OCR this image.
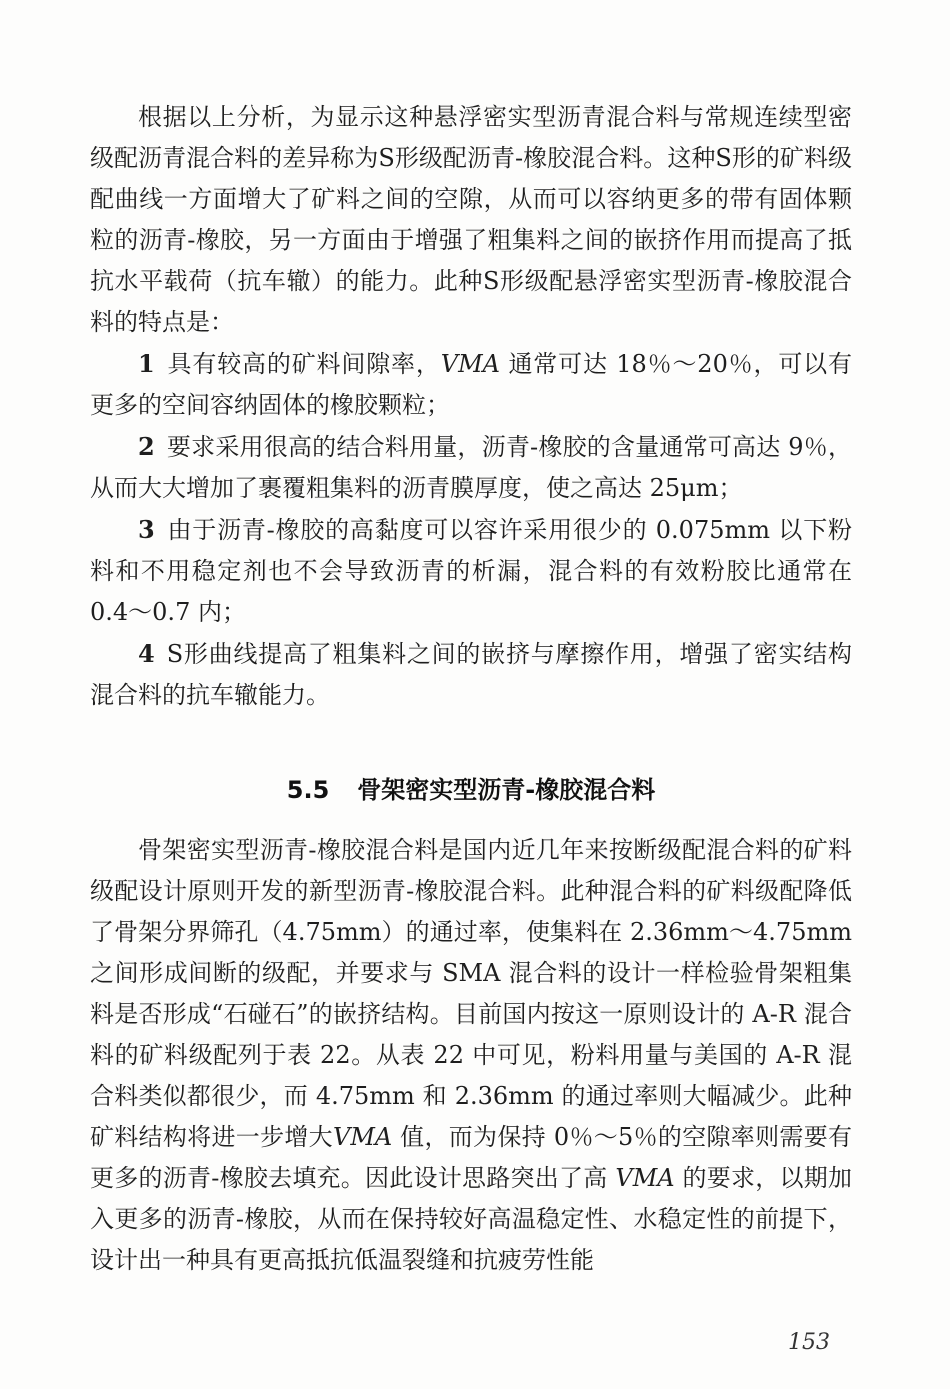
根据以上分析，为显示这种悬浮密实型沥青混合料与常规连续型密级配沥青混合料的差异称为S形级配沥青-橡胶混合料。这种S形的矿料级配曲线一方面增大了矿料之间的空隙，从而可以容纳更多的带有固体颗粒的沥青-橡胶，另一方面由于增强了粗集料之间的嵌挤作用而提高了抵抗水平载荷（抗车辙）的能力。此种S形级配悬浮密实型沥青-橡胶混合料的特点是：

1 具有较高的矿料间隙率，VMA 通常可达 18％～20％，可以有更多的空间容纳固体的橡胶颗粒；

2 要求采用很高的结合料用量，沥青-橡胶的含量通常可高达 9％，从而大大增加了裹覆粗集料的沥青膜厚度，使之高达 25μm；

3 由于沥青-橡胶的高黏度可以容许采用很少的 0.075mm 以下粉料和不用稳定剂也不会导致沥青的析漏，混合料的有效粉胶比通常在 0.4～0.7 内；

4 S形曲线提高了粗集料之间的嵌挤与摩擦作用，增强了密实结构混合料的抗车辙能力。

5.5 骨架密实型沥青-橡胶混合料

骨架密实型沥青-橡胶混合料是国内近几年来按断级配混合料的矿料级配设计原则开发的新型沥青-橡胶混合料。此种混合料的矿料级配降低了骨架分界筛孔（4.75mm）的通过率，使集料在 2.36mm～4.75mm 之间形成间断的级配，并要求与 SMA 混合料的设计一样检验骨架粗集料是否形成“石碰石”的嵌挤结构。目前国内按这一原则设计的 A-R 混合料的矿料级配列于表 22。从表 22 中可见，粉料用量与美国的 A-R 混合料类似都很少，而 4.75mm 和 2.36mm 的通过率则大幅减少。此种矿料结构将进一步增大VMA 值，而为保持 0％～5％的空隙率则需要有更多的沥青-橡胶去填充。因此设计思路突出了高 VMA 的要求，以期加入更多的沥青-橡胶，从而在保持较好高温稳定性、水稳定性的前提下，设计出一种具有更高抵抗低温裂缝和抗疲劳性能

153
